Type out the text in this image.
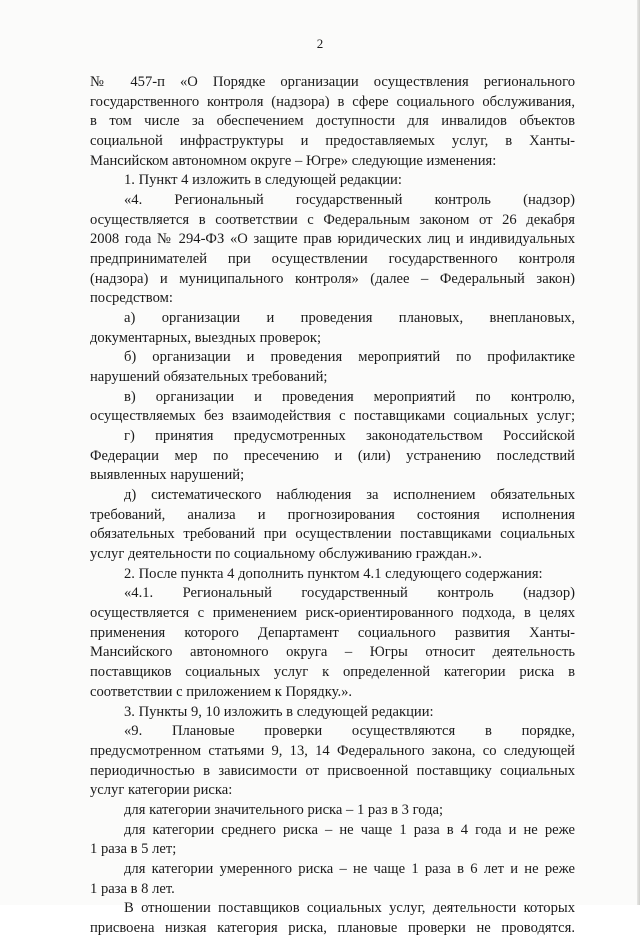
2
№ 457-п «О Порядке организации осуществления регионального
государственного контроля (надзора) в сфере социального обслуживания,
в том числе за обеспечением доступности для инвалидов объектов
социальной инфраструктуры и предоставляемых услуг, в Ханты-
Мансийском автономном округе – Югре» следующие изменения:
1. Пункт 4 изложить в следующей редакции:
«4. Региональный государственный контроль (надзор)
осуществляется в соответствии с Федеральным законом от 26 декабря
2008 года № 294-ФЗ «О защите прав юридических лиц и индивидуальных
предпринимателей при осуществлении государственного контроля
(надзора) и муниципального контроля» (далее – Федеральный закон)
посредством:
а) организации и проведения плановых, внеплановых,
документарных, выездных проверок;
б) организации и проведения мероприятий по профилактике
нарушений обязательных требований;
в) организации и проведения мероприятий по контролю,
осуществляемых без взаимодействия с поставщиками социальных услуг;
г) принятия предусмотренных законодательством Российской
Федерации мер по пресечению и (или) устранению последствий
выявленных нарушений;
д) систематического наблюдения за исполнением обязательных
требований, анализа и прогнозирования состояния исполнения
обязательных требований при осуществлении поставщиками социальных
услуг деятельности по социальному обслуживанию граждан.».
2. После пункта 4 дополнить пунктом 4.1 следующего содержания:
«4.1. Региональный государственный контроль (надзор)
осуществляется с применением риск-ориентированного подхода, в целях
применения которого Департамент социального развития Ханты-
Мансийского автономного округа – Югры относит деятельность
поставщиков социальных услуг к определенной категории риска в
соответствии с приложением к Порядку.».
3. Пункты 9, 10 изложить в следующей редакции:
«9. Плановые проверки осуществляются в порядке,
предусмотренном статьями 9, 13, 14 Федерального закона, со следующей
периодичностью в зависимости от присвоенной поставщику социальных
услуг категории риска:
для категории значительного риска – 1 раз в 3 года;
для категории среднего риска – не чаще 1 раза в 4 года и не реже
1 раза в 5 лет;
для категории умеренного риска – не чаще 1 раза в 6 лет и не реже
1 раза в 8 лет.
В отношении поставщиков социальных услуг, деятельности которых
присвоена низкая категория риска, плановые проверки не проводятся.
